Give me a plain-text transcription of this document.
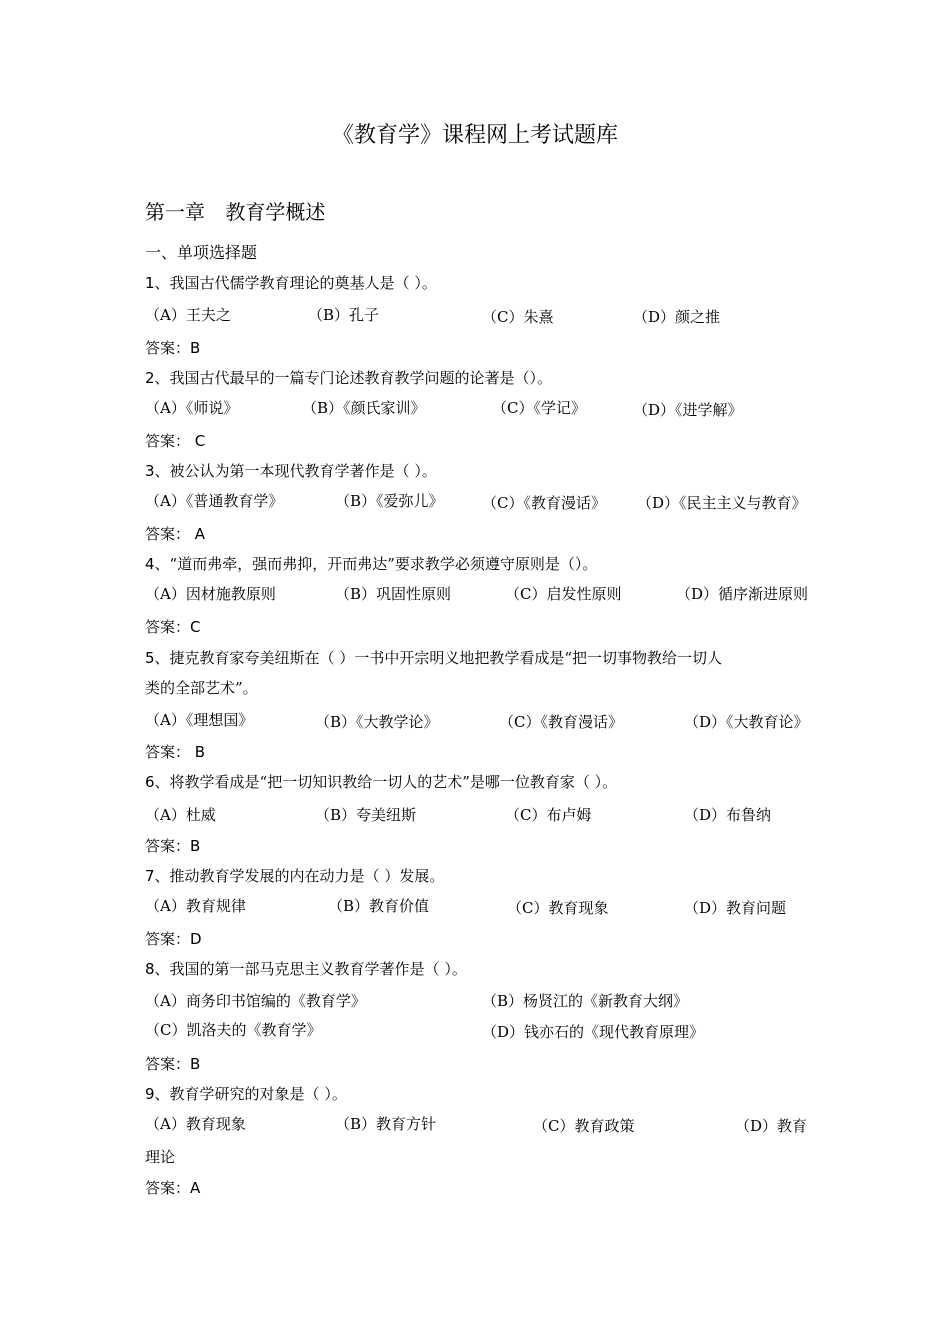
《教育学》课程网上考试题库
第一章 教育学概述
一、单项选择题
1、我国古代儒学教育理论的奠基人是（ ）。
（A）王夫之	（B）孔子	（C）朱熹	（D）颜之推
答案：B
2、我国古代最早的一篇专门论述教育教学问题的论著是（）。
（A）《师说》	（B）《颜氏家训》	（C）《学记》	（D）《进学解》
答案： C
3、被公认为第一本现代教育学著作是（ ）。
（A）《普通教育学》	（B）《爱弥儿》	（C）《教育漫话》 （D）《民主主义与教育》
答案： A
4、“道而弗牵，强而弗抑，开而弗达”要求教学必须遵守原则是（）。
（A）因材施教原则	（B）巩固性原则	（C）启发性原则	（D）循序渐进原则
答案：C
5、捷克教育家夸美纽斯在（ ）一书中开宗明义地把教学看成是“把一切事物教给一切人
类的全部艺术”。
（A）《理想国》	（B）《大教学论》	（C）《教育漫话》	（D）《大教育论》
答案： B
6、将教学看成是“把一切知识教给一切人的艺术”是哪一位教育家（ ）。
（A）杜威	（B）夸美纽斯	（C）布卢姆	（D）布鲁纳
答案：B
7、推动教育学发展的内在动力是（ ）发展。
（A）教育规律	（B）教育价值	（C）教育现象	（D）教育问题
答案：D
8、我国的第一部马克思主义教育学著作是（ ）。
（A）商务印书馆编的《教育学》	（B）杨贤江的《新教育大纲》
（C）凯洛夫的《教育学》	（D）钱亦石的《现代教育原理》
答案：B
9、教育学研究的对象是（ ）。
（A）教育现象	（B）教育方针	（C）教育政策	（D）教育
理论
答案：A
